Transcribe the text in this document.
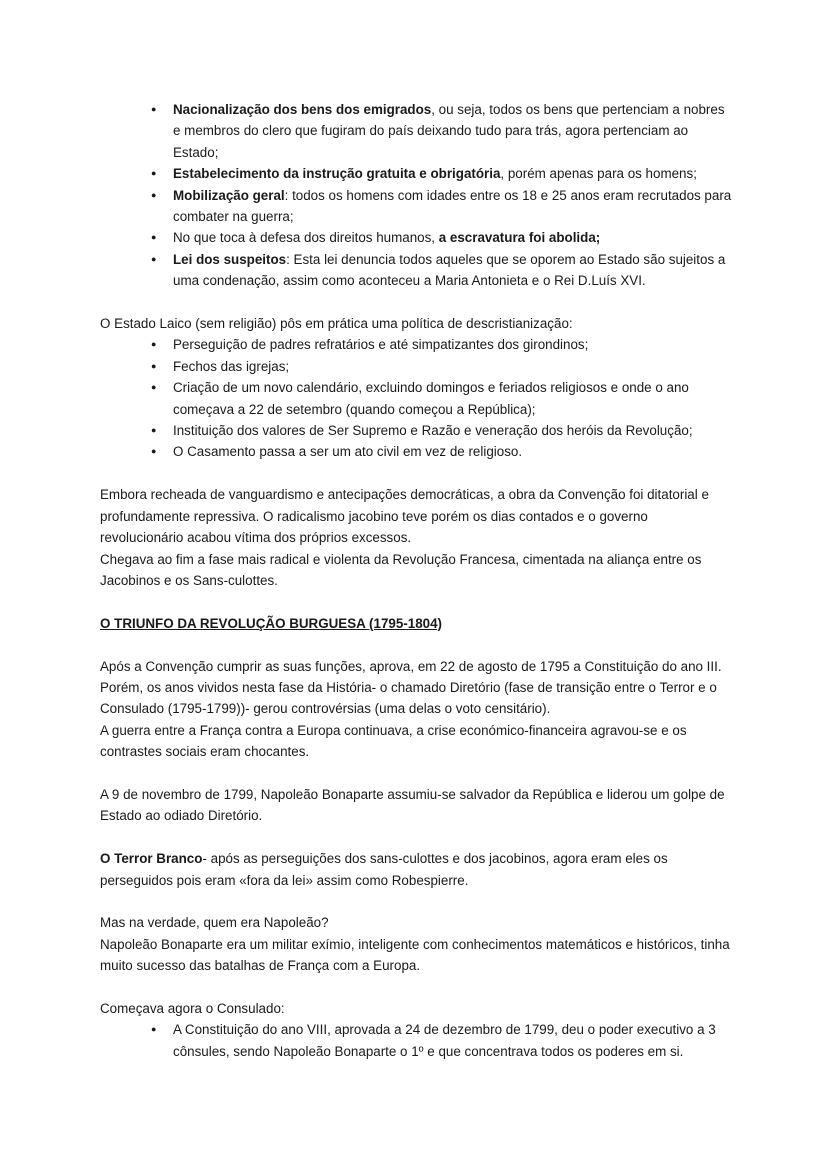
● Nacionalização dos bens dos emigrados, ou seja, todos os bens que pertenciam a nobres e membros do clero que fugiram do país deixando tudo para trás, agora pertenciam ao Estado;
● Estabelecimento da instrução gratuita e obrigatória, porém apenas para os homens;
● Mobilização geral: todos os homens com idades entre os 18 e 25 anos eram recrutados para combater na guerra;
● No que toca à defesa dos direitos humanos, a escravatura foi abolida;
● Lei dos suspeitos: Esta lei denuncia todos aqueles que se oporem ao Estado são sujeitos a uma condenação, assim como aconteceu a Maria Antonieta e o Rei D.Luís XVI.

O Estado Laico (sem religião) pôs em prática uma política de descristianização:

● Perseguição de padres refratários e até simpatizantes dos girondinos;
● Fechos das igrejas;
● Criação de um novo calendário, excluindo domingos e feriados religiosos e onde o ano começava a 22 de setembro (quando começou a República);
● Instituição dos valores de Ser Supremo e Razão e veneração dos heróis da Revolução;
● O Casamento passa a ser um ato civil em vez de religioso.

Embora recheada de vanguardismo e antecipações democráticas, a obra da Convenção foi ditatorial e profundamente repressiva. O radicalismo jacobino teve porém os dias contados e o governo revolucionário acabou vítima dos próprios excessos.

Chegava ao fim a fase mais radical e violenta da Revolução Francesa, cimentada na aliança entre os Jacobinos e os Sans-culottes.

O TRIUNFO DA REVOLUÇÃO BURGUESA (1795-1804)

Após a Convenção cumprir as suas funções, aprova, em 22 de agosto de 1795 a Constituição do ano III. Porém, os anos vividos nesta fase da História- o chamado Diretório (fase de transição entre o Terror e o Consulado (1795-1799))- gerou controvérsias (uma delas o voto censitário).

A guerra entre a França contra a Europa continuava, a crise económico-financeira agravou-se e os contrastes sociais eram chocantes.

A 9 de novembro de 1799, Napoleão Bonaparte assumiu-se salvador da República e liderou um golpe de Estado ao odiado Diretório.

O Terror Branco- após as perseguições dos sans-culottes e dos jacobinos, agora eram eles os perseguidos pois eram «fora da lei» assim como Robespierre.

Mas na verdade, quem era Napoleão?

Napoleão Bonaparte era um militar exímio, inteligente com conhecimentos matemáticos e históricos, tinha muito sucesso das batalhas de França com a Europa.

Começava agora o Consulado:

● A Constituição do ano VIII, aprovada a 24 de dezembro de 1799, deu o poder executivo a 3 cônsules, sendo Napoleão Bonaparte o 1º e que concentrava todos os poderes em si.
